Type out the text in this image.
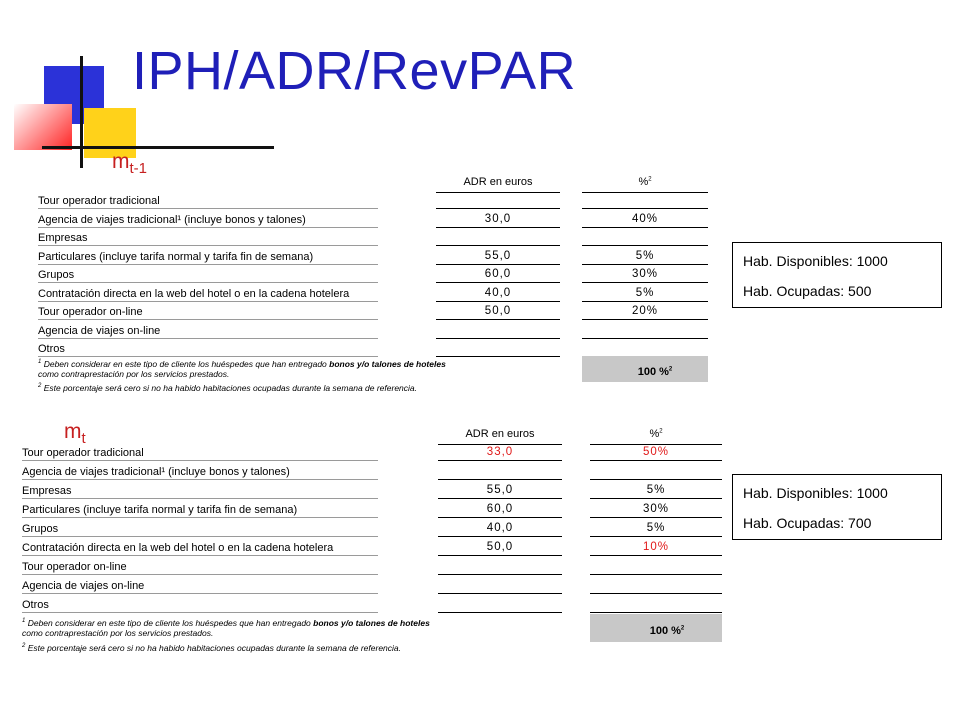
IPH/ADR/RevPAR
$m_{t-1}$
ADR en euros	%$^2$
Tour operador tradicional
Agencia de viajes tradicional¹ (incluye bonos y talones)	30,0	40%
Empresas
Particulares (incluye tarifa normal y tarifa fin de semana)	55,0	5%
Grupos	60,0	30%
Contratación directa en la web del hotel o en la cadena hotelera	40,0	5%
Tour operador on-line	50,0	20%
Agencia de viajes on-line
Otros
100 %$^2$
$^1$ Deben considerar en este tipo de cliente los huéspedes que han entregado bonos y/o talones de hoteles
como contraprestación por los servicios prestados.
$^2$ Este porcentaje será cero si no ha habido habitaciones ocupadas durante la semana de referencia.
Hab. Disponibles: 1000
Hab. Ocupadas: 500
$m_t$	ADR en euros	%$^2$
Tour operador tradicional	33,0	50%
Agencia de viajes tradicional¹ (incluye bonos y talones)
Empresas	55,0	5%
Particulares (incluye tarifa normal y tarifa fin de semana)	60,0	30%
Grupos	40,0	5%
Contratación directa en la web del hotel o en la cadena hotelera	50,0	10%
Tour operador on-line
Agencia de viajes on-line
Otros
100 %$^2$
$^1$ Deben considerar en este tipo de cliente los huéspedes que han entregado bonos y/o talones de hoteles
como contraprestación por los servicios prestados.
$^2$ Este porcentaje será cero si no ha habido habitaciones ocupadas durante la semana de referencia.
Hab. Disponibles: 1000
Hab. Ocupadas: 700
